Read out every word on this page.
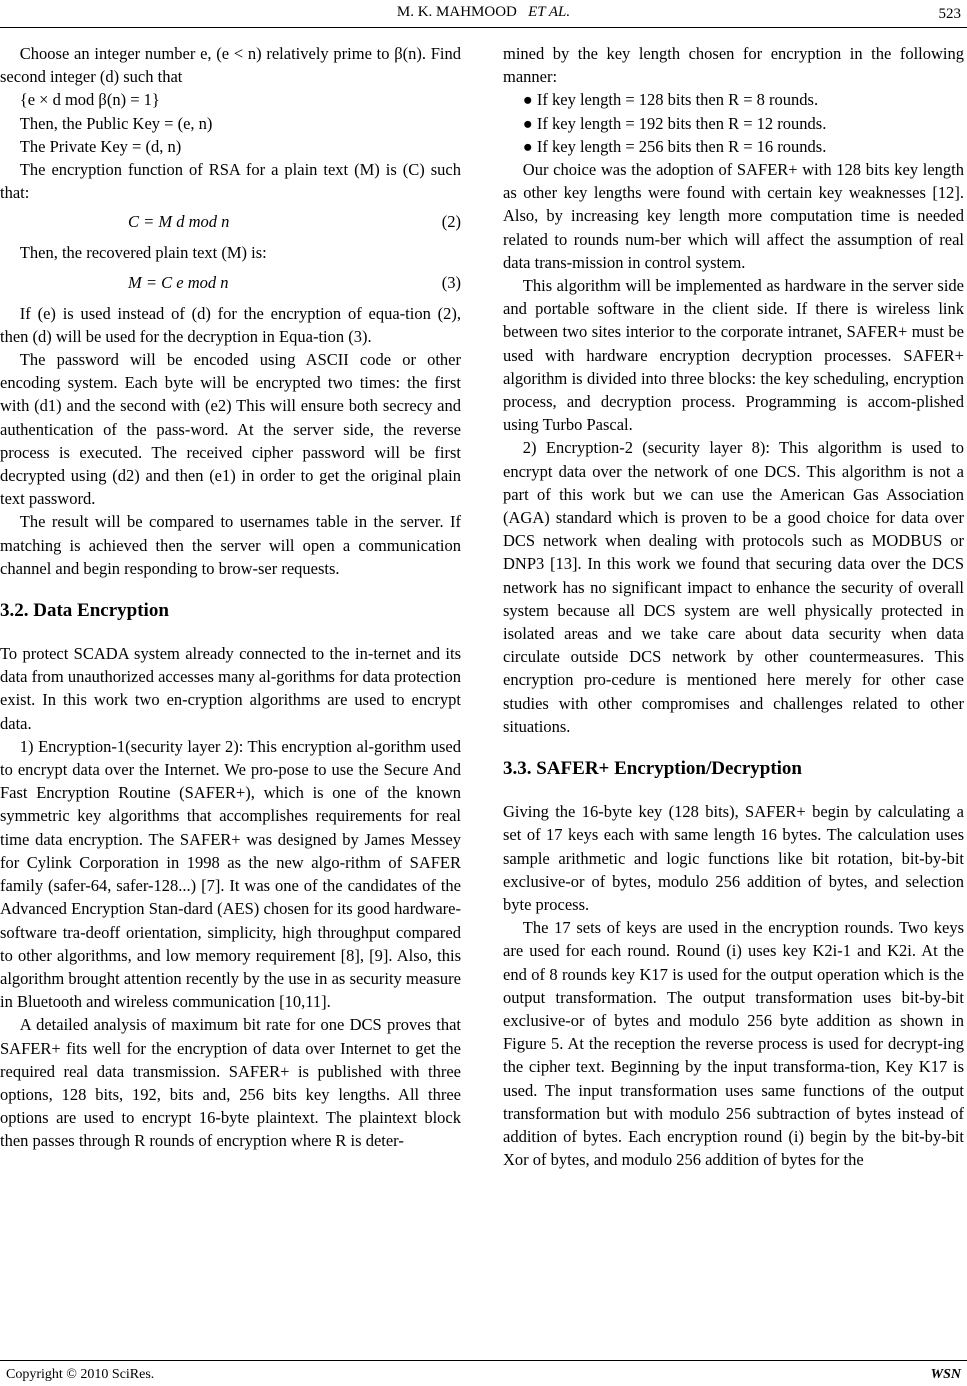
M. K. MAHMOOD ET AL.	523

Choose an integer number e, (e < n) relatively prime to β(n). Find second integer (d) such that

{e × d mod β(n) = 1}

Then, the Public Key = (e, n)

The Private Key = (d, n)

The encryption function of RSA for a plain text (M) is (C) such that:

C = M d mod n	(2)

Then, the recovered plain text (M) is:

M = C e mod n	(3)

If (e) is used instead of (d) for the encryption of equa-tion (2), then (d) will be used for the decryption in Equa-tion (3).

The password will be encoded using ASCII code or other encoding system. Each byte will be encrypted two times: the first with (d1) and the second with (e2) This will ensure both secrecy and authentication of the pass-word. At the server side, the reverse process is executed. The received cipher password will be first decrypted using (d2) and then (e1) in order to get the original plain text password.

The result will be compared to usernames table in the server. If matching is achieved then the server will open a communication channel and begin responding to brow-ser requests.

3.2. Data Encryption

To protect SCADA system already connected to the in-ternet and its data from unauthorized accesses many al-gorithms for data protection exist. In this work two en-cryption algorithms are used to encrypt data.

1) Encryption-1(security layer 2): This encryption al-gorithm used to encrypt data over the Internet. We pro-pose to use the Secure And Fast Encryption Routine (SAFER+), which is one of the known symmetric key algorithms that accomplishes requirements for real time data encryption. The SAFER+ was designed by James Messey for Cylink Corporation in 1998 as the new algo-rithm of SAFER family (safer-64, safer-128...) [7]. It was one of the candidates of the Advanced Encryption Stan-dard (AES) chosen for its good hardware-software tra-deoff orientation, simplicity, high throughput compared to other algorithms, and low memory requirement [8], [9]. Also, this algorithm brought attention recently by the use in as security measure in Bluetooth and wireless communication [10,11].

A detailed analysis of maximum bit rate for one DCS proves that SAFER+ fits well for the encryption of data over Internet to get the required real data transmission. SAFER+ is published with three options, 128 bits, 192, bits and, 256 bits key lengths. All three options are used to encrypt 16-byte plaintext. The plaintext block then passes through R rounds of encryption where R is deter-

mined by the key length chosen for encryption in the following manner:

● If key length = 128 bits then R = 8 rounds.

● If key length = 192 bits then R = 12 rounds.

● If key length = 256 bits then R = 16 rounds.

Our choice was the adoption of SAFER+ with 128 bits key length as other key lengths were found with certain key weaknesses [12]. Also, by increasing key length more computation time is needed related to rounds num-ber which will affect the assumption of real data trans-mission in control system.

This algorithm will be implemented as hardware in the server side and portable software in the client side. If there is wireless link between two sites interior to the corporate intranet, SAFER+ must be used with hardware encryption decryption processes. SAFER+ algorithm is divided into three blocks: the key scheduling, encryption process, and decryption process. Programming is accom-plished using Turbo Pascal.

2) Encryption-2 (security layer 8): This algorithm is used to encrypt data over the network of one DCS. This algorithm is not a part of this work but we can use the American Gas Association (AGA) standard which is proven to be a good choice for data over DCS network when dealing with protocols such as MODBUS or DNP3 [13]. In this work we found that securing data over the DCS network has no significant impact to enhance the security of overall system because all DCS system are well physically protected in isolated areas and we take care about data security when data circulate outside DCS network by other countermeasures. This encryption pro-cedure is mentioned here merely for other case studies with other compromises and challenges related to other situations.

3.3. SAFER+ Encryption/Decryption

Giving the 16-byte key (128 bits), SAFER+ begin by calculating a set of 17 keys each with same length 16 bytes. The calculation uses sample arithmetic and logic functions like bit rotation, bit-by-bit exclusive-or of bytes, modulo 256 addition of bytes, and selection byte process.

The 17 sets of keys are used in the encryption rounds. Two keys are used for each round. Round (i) uses key K2i-1 and K2i. At the end of 8 rounds key K17 is used for the output operation which is the output transformation. The output transformation uses bit-by-bit exclusive-or of bytes and modulo 256 byte addition as shown in Figure 5. At the reception the reverse process is used for decrypt-ing the cipher text. Beginning by the input transforma-tion, Key K17 is used. The input transformation uses same functions of the output transformation but with modulo 256 subtraction of bytes instead of addition of bytes. Each encryption round (i) begin by the bit-by-bit Xor of bytes, and modulo 256 addition of bytes for the

Copyright © 2010 SciRes.	WSN
